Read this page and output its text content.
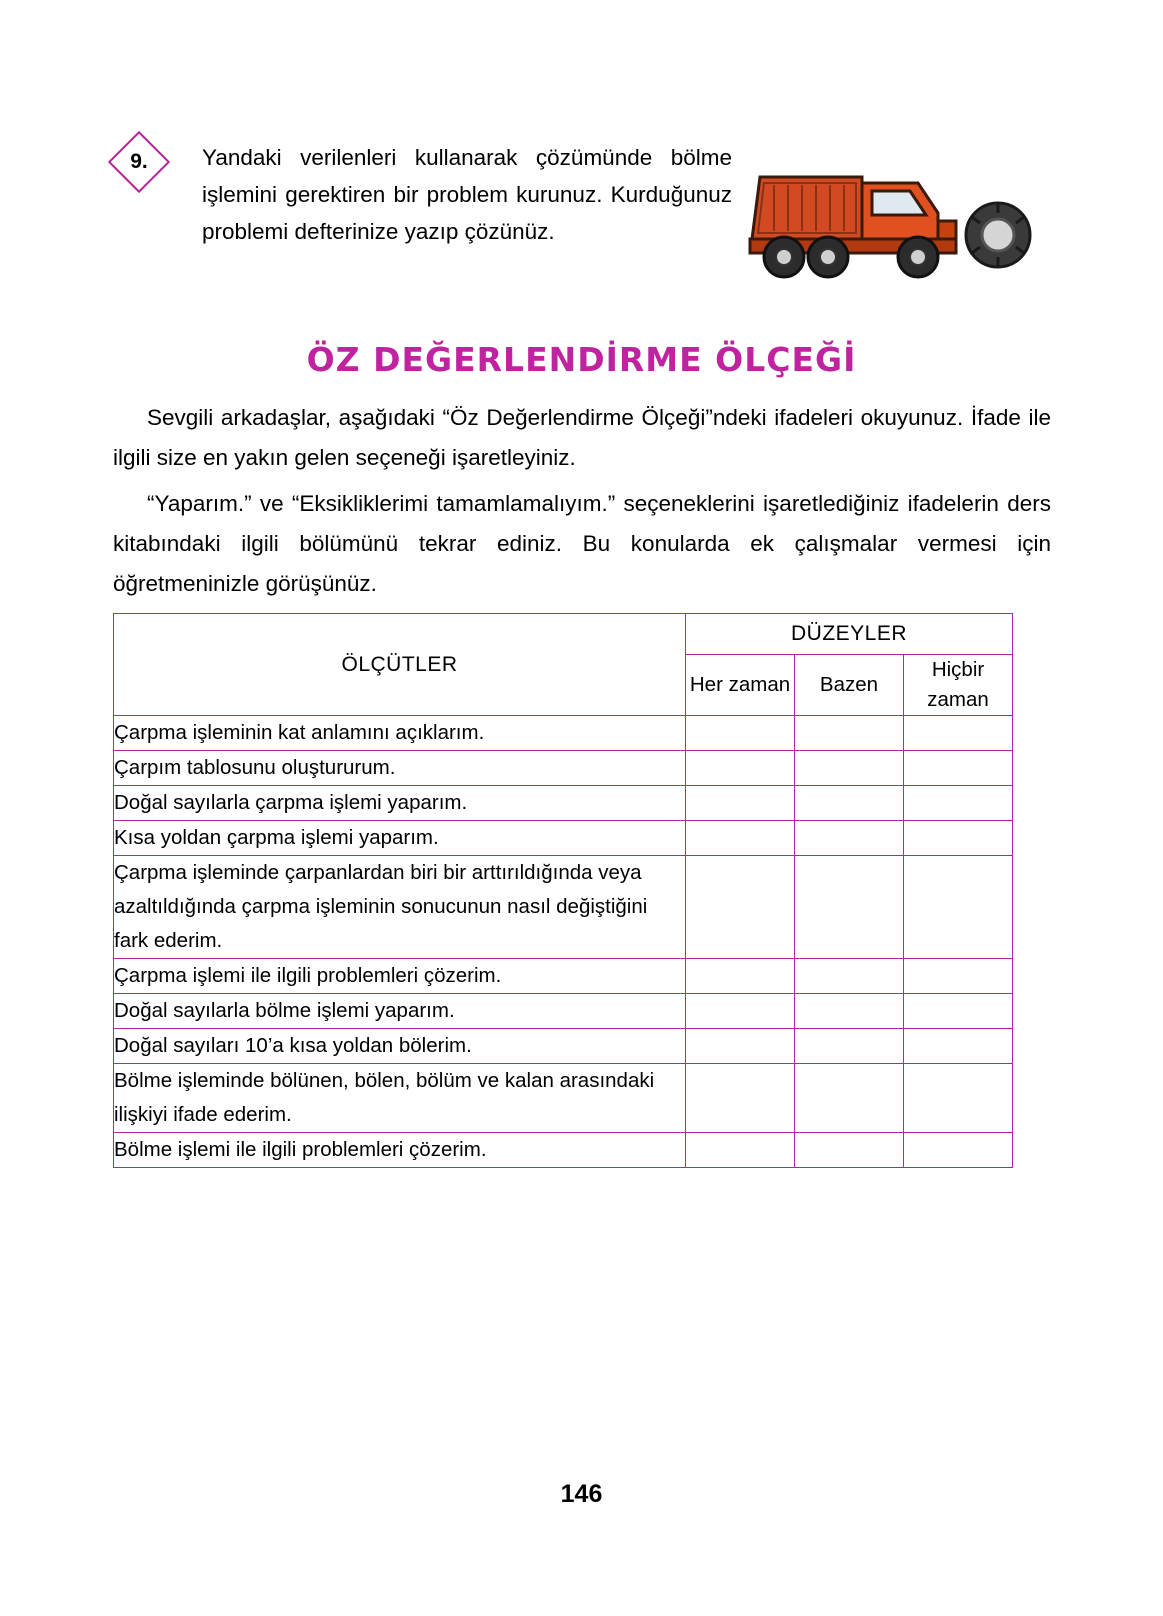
9.	Yandaki verilenleri kullanarak çözümünde bölme işlemini gerektiren bir problem kurunuz. Kurduğunuz problemi defterinize yazıp çözünüz.
ÖZ DEĞERLENDİRME ÖLÇEĞİ

Sevgili arkadaşlar, aşağıdaki “Öz Değerlendirme Ölçeği”ndeki ifadeleri okuyunuz. İfade ile ilgili size en yakın gelen seçeneği işaretleyiniz.

“Yaparım.” ve “Eksikliklerimi tamamlamalıyım.” seçeneklerini işaretlediğiniz ifadelerin ders kitabındaki ilgili bölümünü tekrar ediniz. Bu konularda ek çalışmalar vermesi için öğretmeninizle görüşünüz.

ÖLÇÜTLER	DÜZEYLER		
	Her zaman	Bazen	Hiçbir zaman
Çarpma işleminin kat anlamını açıklarım.			
Çarpım tablosunu oluştururum.			
Doğal sayılarla çarpma işlemi yaparım.			
Kısa yoldan çarpma işlemi yaparım.			
Çarpma işleminde çarpanlardan biri bir arttırıldığında veya azaltıldığında çarpma işleminin sonucunun nasıl değiştiğini fark ederim.			
Çarpma işlemi ile ilgili problemleri çözerim.			
Doğal sayılarla bölme işlemi yaparım.			
Doğal sayıları 10’a kısa yoldan bölerim.			
Bölme işleminde bölünen, bölen, bölüm ve kalan arasındaki ilişkiyi ifade ederim.			
Bölme işlemi ile ilgili problemleri çözerim.			
146
